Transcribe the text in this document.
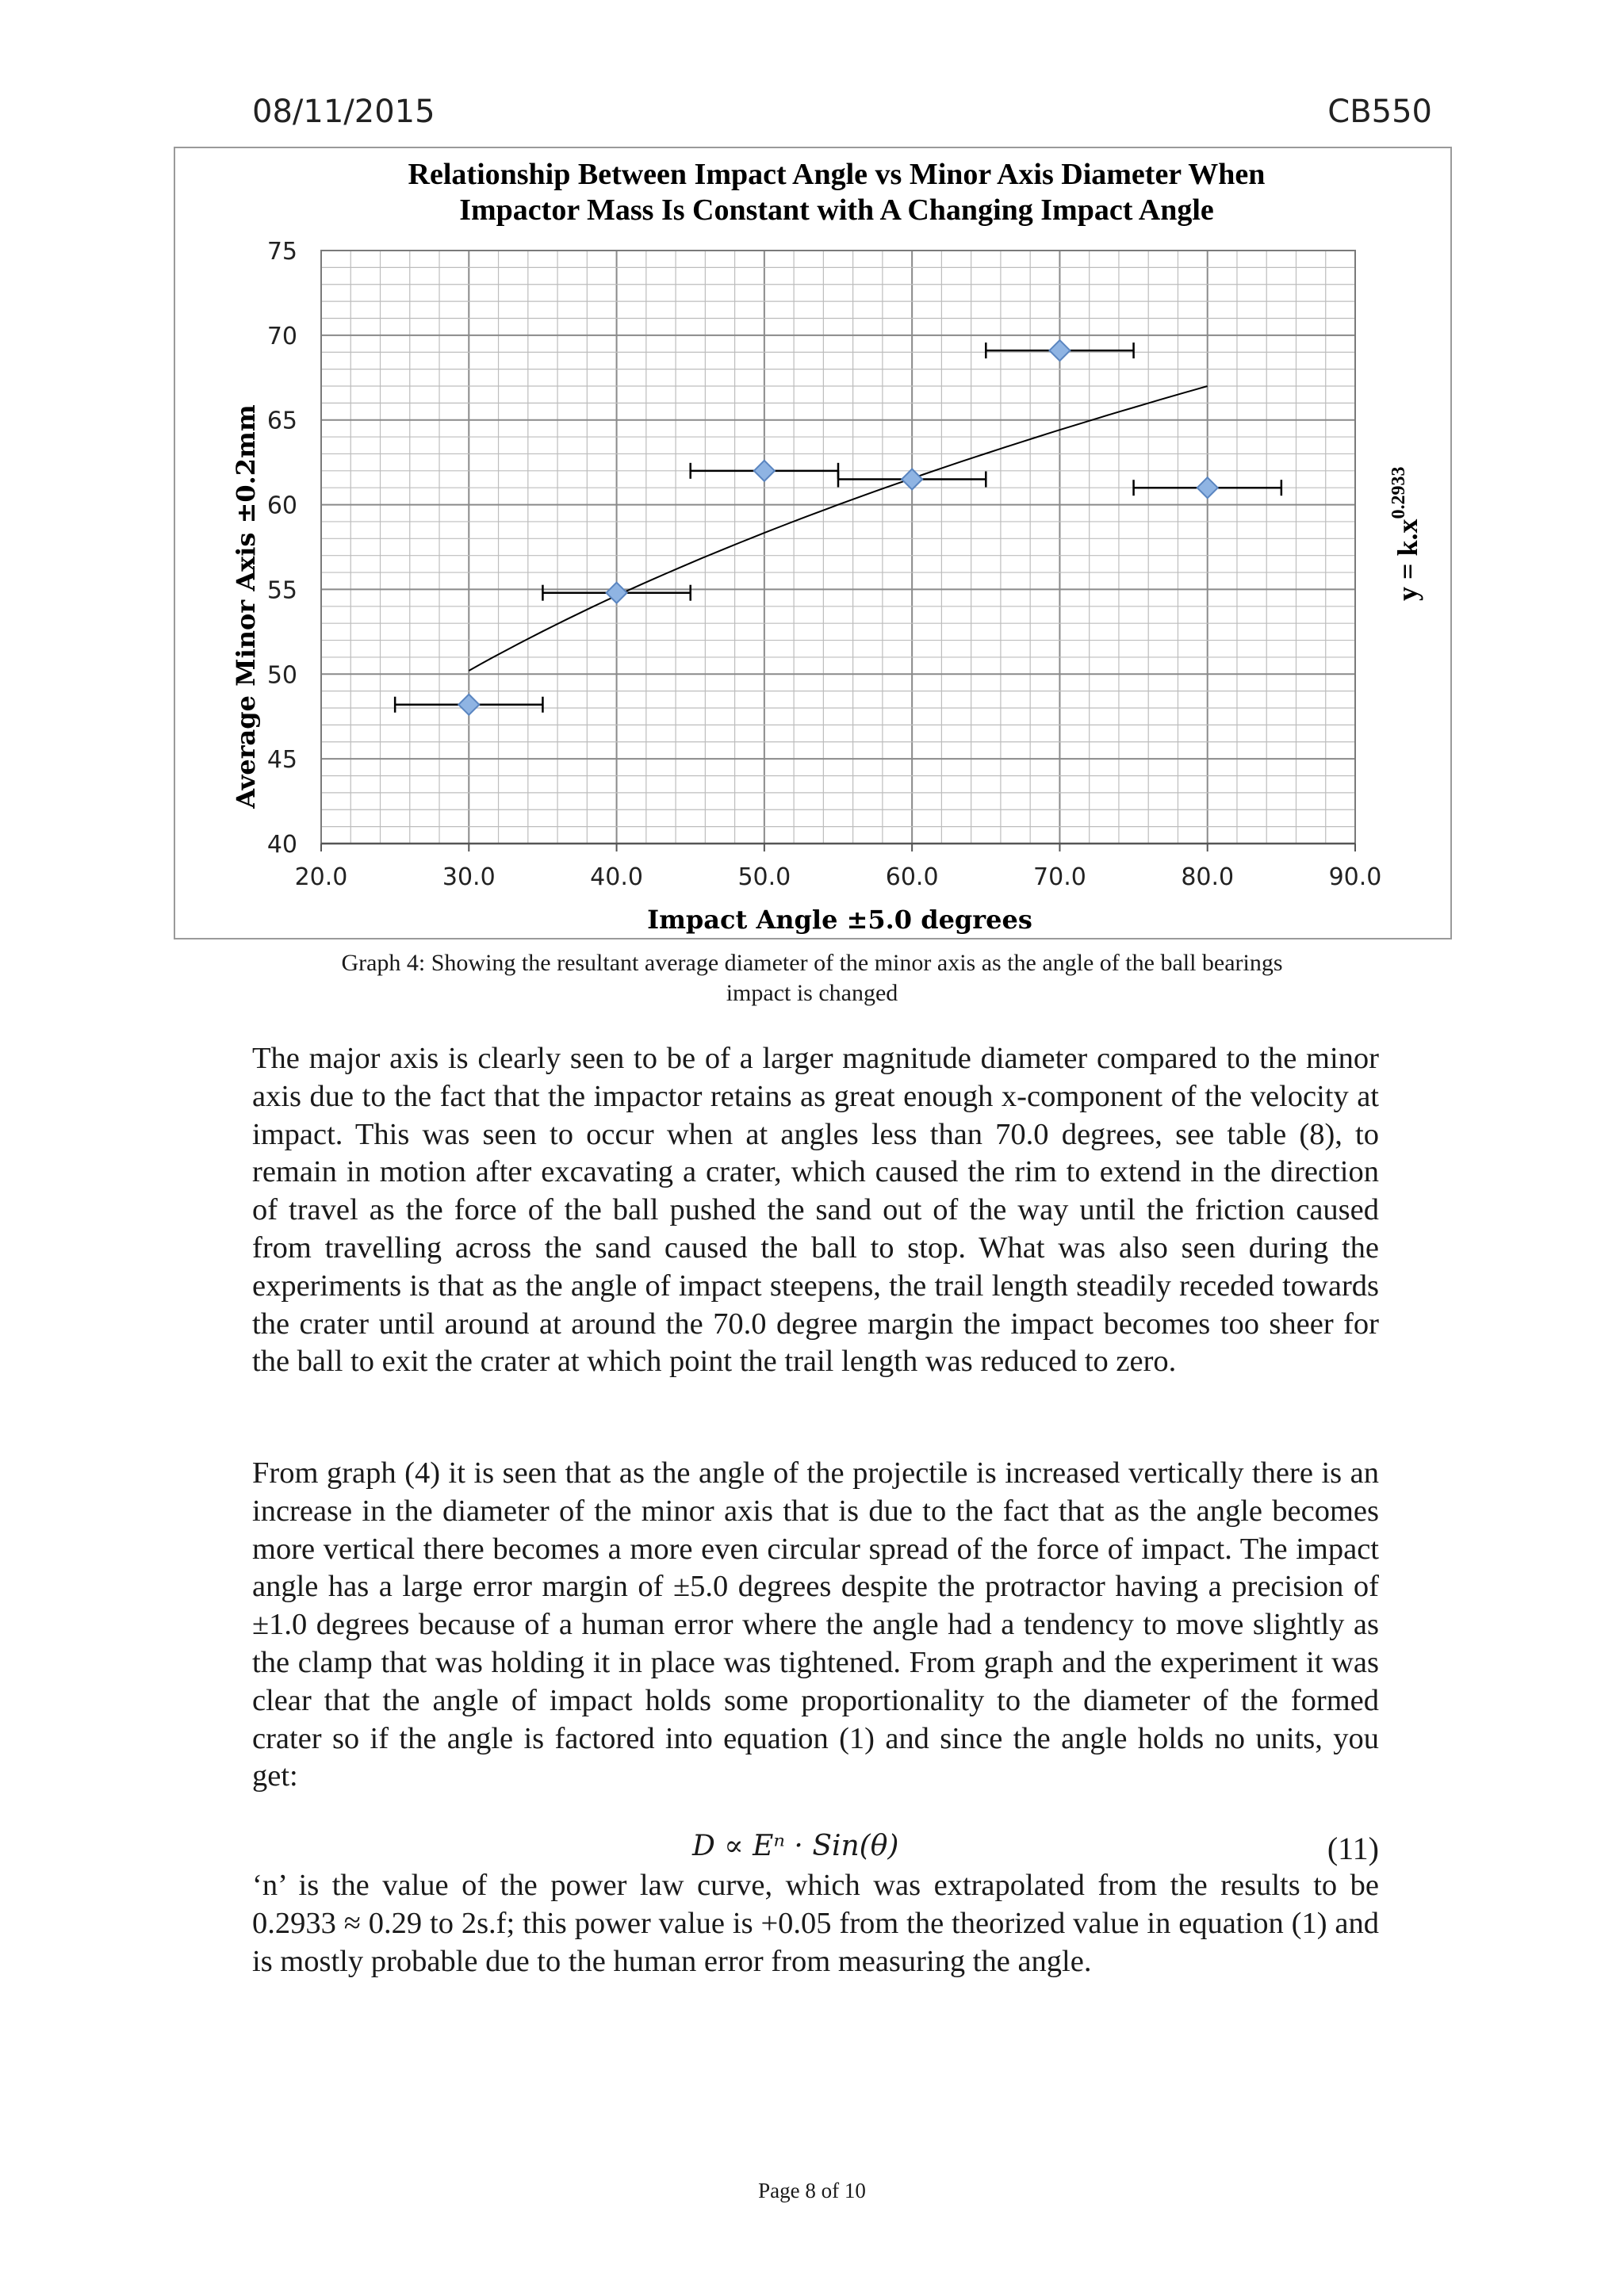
08/11/2015	CB550
Relationship Between Impact Angle vs Minor Axis Diameter When
Impactor Mass Is Constant with A Changing Impact Angle
20.0	30.0	40.0	50.0	60.0	70.0	80.0	90.0
40
45
50
55
60
65
70
75
Impact Angle ±5.0 degrees
Average Minor Axis ±0.2mm	$y = k.x^{0.2933}$
Graph 4: Showing the resultant average diameter of the minor axis as the angle of the ball bearings
impact is changed

The major axis is clearly seen to be of a larger magnitude diameter compared to the minor axis due to the fact that the impactor retains as great enough x-component of the velocity at impact. This was seen to occur when at angles less than 70.0 degrees, see table (8), to remain in motion after excavating a crater, which caused the rim to extend in the direction of travel as the force of the ball pushed the sand out of the way until the friction caused from travelling across the sand caused the ball to stop. What was also seen during the experiments is that as the angle of impact steepens, the trail length steadily receded towards the crater until around at around the 70.0 degree margin the impact becomes too sheer for the ball to exit the crater at which point the trail length was reduced to zero.

From graph (4) it is seen that as the angle of the projectile is increased vertically there is an increase in the diameter of the minor axis that is due to the fact that as the angle becomes more vertical there becomes a more even circular spread of the force of impact. The impact angle has a large error margin of ±5.0 degrees despite the protractor having a precision of ±1.0 degrees because of a human error where the angle had a tendency to move slightly as the clamp that was holding it in place was tightened. From graph and the experiment it was clear that the angle of impact holds some proportionality to the diameter of the formed crater so if the angle is factored into equation (1) and since the angle holds no units, you get:

D ∝ Eⁿ · Sin(θ)	(11)

‘n’ is the value of the power law curve, which was extrapolated from the results to be 0.2933 ≈ 0.29 to 2s.f; this power value is +0.05 from the theorized value in equation (1) and is mostly probable due to the human error from measuring the angle.

Page 8 of 10
